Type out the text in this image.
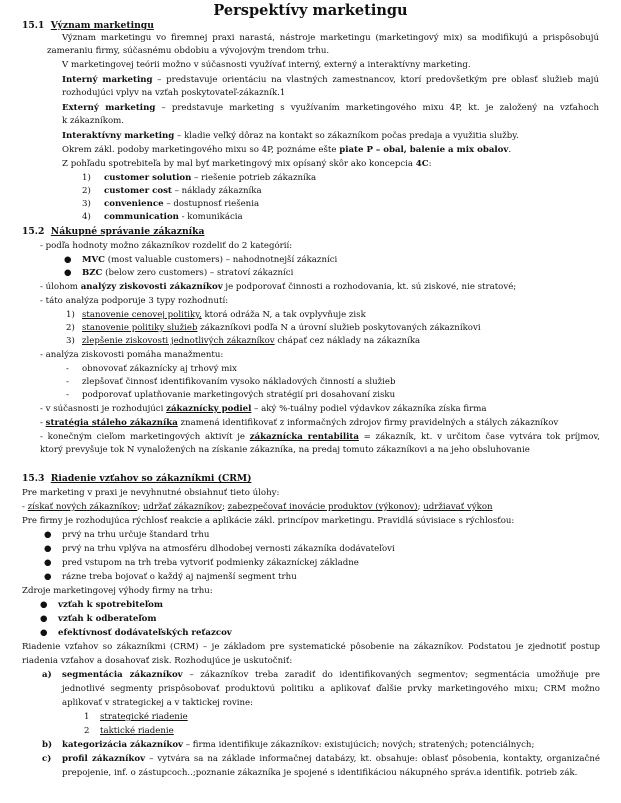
Perspektívy marketingu
15.1 Význam marketingu
Význam marketingu vo firemnej praxi narastá, nástroje marketingu (marketingový mix) sa modifikujú a prispôsobujú
zameraniu firmy, súčasnému obdobiu a vývojovým trendom trhu.
V marketingovej teórii možno v súčasnosti využívať interný, externý a interaktívny marketing.
Interný marketing – predstavuje orientáciu na vlastných zamestnancov, ktorí predovšetkým pre oblasť služieb majú
rozhodujúci vplyv na vzťah poskytovateľ-zákazník.1
Externý marketing – predstavuje marketing s využívaním marketingového mixu 4P, kt. je založený na vzťahoch
k zákazníkom.
Interaktívny marketing – kladie veľký dôraz na kontakt so zákazníkom počas predaja a využitia služby.
Okrem zákl. podoby marketingového mixu so 4P, poznáme ešte piate P – obal, balenie a mix obalov.
Z pohľadu spotrebiteľa by mal byť marketingový mix opísaný skôr ako koncepcia 4C:
1) customer solution – riešenie potrieb zákazníka
2) customer cost – náklady zákazníka
3) convenience – dostupnosť riešenia
4) communication - komunikácia
15.2 Nákupné správanie zákazníka
- podľa hodnoty možno zákazníkov rozdeliť do 2 kategórií:
● MVC (most valuable customers) – nahodnotnejší zákazníci
● BZC (below zero customers) – stratoví zákazníci
- úlohom analýzy ziskovosti zákazníkov je podporovať činnosti a rozhodovania, kt. sú ziskové, nie stratové;
- táto analýza podporuje 3 typy rozhodnutí:
1) stanovenie cenovej politiky, ktorá odráža N, a tak ovplyvňuje zisk
2) stanovenie politiky služieb zákazníkovi podľa N a úrovní služieb poskytovaných zákazníkovi
3) zlepšenie ziskovosti jednotlivých zákazníkov chápať cez náklady na zákazníka
- analýza ziskovosti pomáha manažmentu:
- obnovovať zákaznícky aj trhový mix
- zlepšovať činnosť identifikovaním vysoko nákladových činností a služieb
- podporovať uplatňovanie marketingových stratégií pri dosahovaní zisku
- v súčasnosti je rozhodujúci zákaznícky podiel – aký %-tuálny podiel výdavkov zákazníka získa firma
- stratégia stáleho zákazníka znamená identifikovať z informačných zdrojov firmy pravidelných a stálych zákazníkov
- konečným cieľom marketingových aktivít je zákaznícka rentabilita = zákazník, kt. v určitom čase vytvára tok príjmov,
ktorý prevyšuje tok N vynaložených na získanie zákazníka, na predaj tomuto zákazníkovi a na jeho obsluhovanie
15.3 Riadenie vzťahov so zákazníkmi (CRM)
Pre marketing v praxi je nevyhnutné obsiahnuť tieto úlohy:
- získať nových zákazníkov; udržať zákazníkov; zabezpečovať inovácie produktov (výkonov); udržiavať výkon
Pre firmy je rozhodujúca rýchlosť reakcie a aplikácie zákl. princípov marketingu. Pravidlá súvisiace s rýchlosťou:
● prvý na trhu určuje štandard trhu
● prvý na trhu vplýva na atmosféru dlhodobej vernosti zákazníka dodávateľovi
● pred vstupom na trh treba vytvoriť podmienky zákazníckej základne
● rázne treba bojovať o každý aj najmenší segment trhu
Zdroje marketingovej výhody firmy na trhu:
● vzťah k spotrebiteľom
● vzťah k odberateľom
● efektívnosť dodávateľských reťazcov
Riadenie vzťahov so zákazníkmi (CRM) – je základom pre systematické pôsobenie na zákazníkov. Podstatou je zjednotiť postup
riadenia vzťahov a dosahovať zisk. Rozhodujúce je uskutočniť:
a) segmentácia zákazníkov – zákazníkov treba zaradiť do identifikovaných segmentov; segmentácia umožňuje pre
jednotlivé segmenty prispôsobovať produktovú politiku a aplikovať ďalšie prvky marketingového mixu; CRM možno
aplikovať v strategickej a v taktickej rovine:
1 strategické riadenie
2 taktické riadenie
b) kategorizácia zákazníkov – firma identifikuje zákazníkov: existujúcich; nových; stratených; potenciálnych;
c) profil zákazníkov – vytvára sa na základe informačnej databázy, kt. obsahuje: oblasť pôsobenia, kontakty, organizačné
prepojenie, inf. o zástupcoch..;poznanie zákazníka je spojené s identifikáciou nákupného správ.a identifik. potrieb zák.
